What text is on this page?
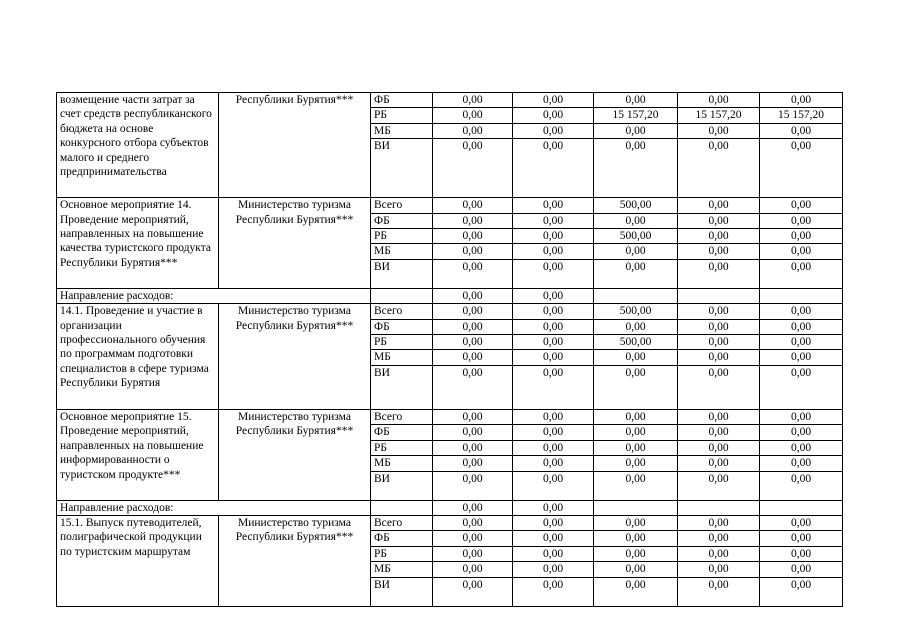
возмещение части затрат за счет средств республиканского бюджета на основе конкурсного отбора субъектов малого и среднего предпринимательства	Республики Бурятия***	ФБ	0,00	0,00	0,00	0,00	0,00
		РБ	0,00	0,00	15 157,20	15 157,20	15 157,20
		МБ	0,00	0,00	0,00	0,00	0,00
		ВИ	0,00	0,00	0,00	0,00	0,00
Основное мероприятие 14. Проведение мероприятий, направленных на повышение качества туристского продукта Республики Бурятия***	Министерство туризма Республики Бурятия***	Всего	0,00	0,00	500,00	0,00	0,00
		ФБ	0,00	0,00	0,00	0,00	0,00
		РБ	0,00	0,00	500,00	0,00	0,00
		МБ	0,00	0,00	0,00	0,00	0,00
		ВИ	0,00	0,00	0,00	0,00	0,00
Направление расходов:			0,00	0,00			
14.1. Проведение и участие в организации профессионального обучения по программам подготовки специалистов в сфере туризма Республики Бурятия	Министерство туризма Республики Бурятия***	Всего	0,00	0,00	500,00	0,00	0,00
		ФБ	0,00	0,00	0,00	0,00	0,00
		РБ	0,00	0,00	500,00	0,00	0,00
		МБ	0,00	0,00	0,00	0,00	0,00
		ВИ	0,00	0,00	0,00	0,00	0,00
Основное мероприятие 15. Проведение мероприятий, направленных на повышение информированности о туристском продукте***	Министерство туризма Республики Бурятия***	Всего	0,00	0,00	0,00	0,00	0,00
		ФБ	0,00	0,00	0,00	0,00	0,00
		РБ	0,00	0,00	0,00	0,00	0,00
		МБ	0,00	0,00	0,00	0,00	0,00
		ВИ	0,00	0,00	0,00	0,00	0,00
Направление расходов:			0,00	0,00			
15.1. Выпуск путеводителей, полиграфической продукции по туристским маршрутам	Министерство туризма Республики Бурятия***	Всего	0,00	0,00	0,00	0,00	0,00
		ФБ	0,00	0,00	0,00	0,00	0,00
		РБ	0,00	0,00	0,00	0,00	0,00
		МБ	0,00	0,00	0,00	0,00	0,00
		ВИ	0,00	0,00	0,00	0,00	0,00
